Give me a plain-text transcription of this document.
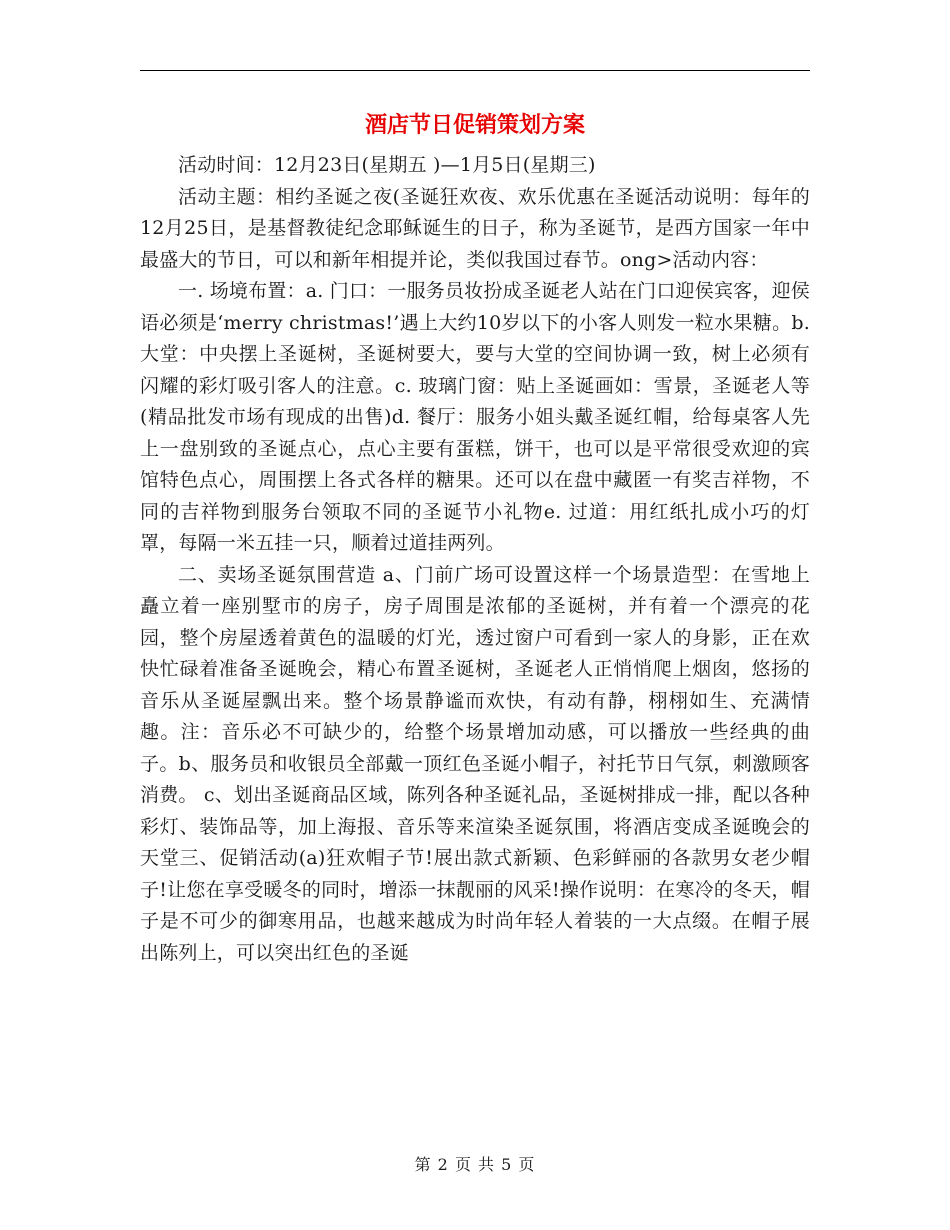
酒店节日促销策划方案

活动时间：12月23日(星期五 )—1月5日(星期三)

活动主题：相约圣诞之夜(圣诞狂欢夜、欢乐优惠在圣诞活动说明：每年的12月25日，是基督教徒纪念耶稣诞生的日子，称为圣诞节，是西方国家一年中最盛大的节日，可以和新年相提并论，类似我国过春节。ong>活动内容：

一. 场境布置：a. 门口：一服务员妆扮成圣诞老人站在门口迎侯宾客，迎侯语必须是‘merry christmas!’遇上大约10岁以下的小客人则发一粒水果糖。b. 大堂：中央摆上圣诞树，圣诞树要大，要与大堂的空间协调一致，树上必须有闪耀的彩灯吸引客人的注意。c. 玻璃门窗：贴上圣诞画如：雪景，圣诞老人等(精品批发市场有现成的出售)d. 餐厅：服务小姐头戴圣诞红帽，给每桌客人先上一盘别致的圣诞点心，点心主要有蛋糕，饼干，也可以是平常很受欢迎的宾馆特色点心，周围摆上各式各样的糖果。还可以在盘中藏匿一有奖吉祥物，不同的吉祥物到服务台领取不同的圣诞节小礼物e. 过道：用红纸扎成小巧的灯罩，每隔一米五挂一只，顺着过道挂两列。

二、卖场圣诞氛围营造 a、门前广场可设置这样一个场景造型：在雪地上矗立着一座别墅市的房子，房子周围是浓郁的圣诞树，并有着一个漂亮的花园，整个房屋透着黄色的温暖的灯光，透过窗户可看到一家人的身影，正在欢快忙碌着准备圣诞晚会，精心布置圣诞树，圣诞老人正悄悄爬上烟囱，悠扬的音乐从圣诞屋飘出来。整个场景静谧而欢快，有动有静，栩栩如生、充满情趣。注：音乐必不可缺少的，给整个场景增加动感，可以播放一些经典的曲子。b、服务员和收银员全部戴一顶红色圣诞小帽子，衬托节日气氛，刺激顾客消费。 c、划出圣诞商品区域，陈列各种圣诞礼品，圣诞树排成一排，配以各种彩灯、装饰品等，加上海报、音乐等来渲染圣诞氛围，将酒店变成圣诞晚会的天堂三、促销活动(a)狂欢帽子节!展出款式新颖、色彩鲜丽的各款男女老少帽子!让您在享受暖冬的同时，增添一抹靓丽的风采!操作说明：在寒冷的冬天，帽子是不可少的御寒用品，也越来越成为时尚年轻人着装的一大点缀。在帽子展出陈列上，可以突出红色的圣诞

第 2 页 共 5 页
